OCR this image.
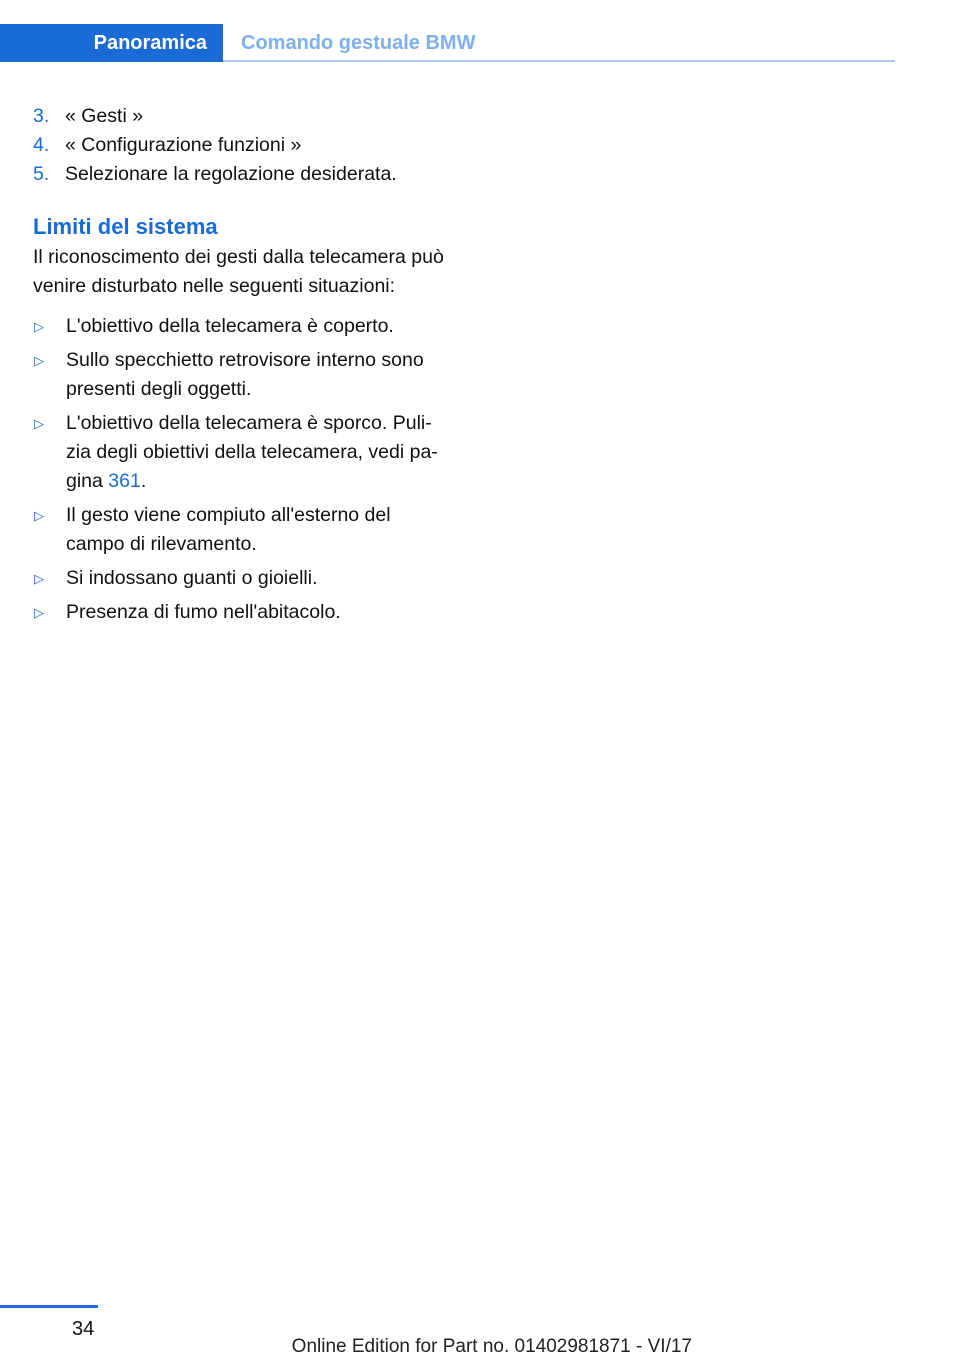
Panoramica Comando gestuale BMW
3. « Gesti »
4. « Configurazione funzioni »
5. Selezionare la regolazione desiderata.
Limiti del sistema
Il riconoscimento dei gesti dalla telecamera può venire disturbato nelle seguenti situazioni:
▷	L'obiettivo della telecamera è coperto.
▷	Sullo specchietto retrovisore interno sono presenti degli oggetti.
▷	L'obiettivo della telecamera è sporco. Puli-zia degli obiettivi della telecamera, vedi pa-gina 361.
▷	Il gesto viene compiuto all'esterno del campo di rilevamento.
▷	Si indossano guanti o gioielli.
▷	Presenza di fumo nell'abitacolo.
34
Online Edition for Part no. 01402981871 - VI/17
